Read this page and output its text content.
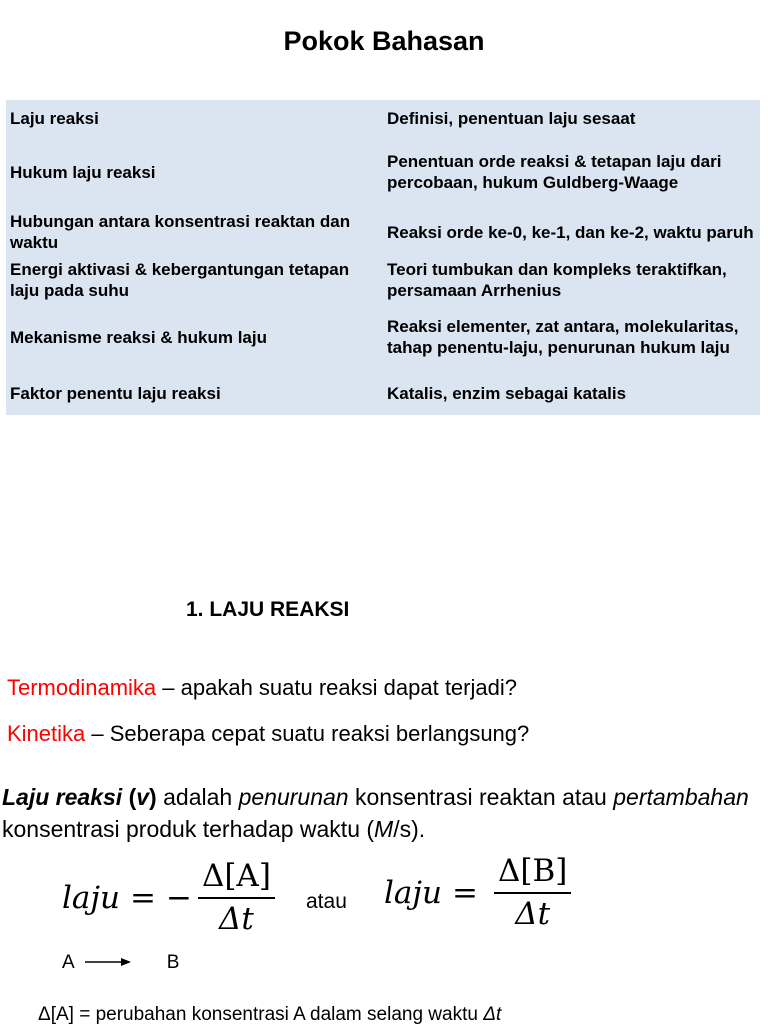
Pokok Bahasan
Laju reaksi	Definisi, penentuan laju sesaat
Hukum laju reaksi
Penentuan orde reaksi & tetapan laju dari percobaan, hukum Guldberg-Waage
Hubungan antara konsentrasi reaktan dan waktu
Reaksi orde ke-0, ke-1, dan ke-2, waktu paruh
Energi aktivasi & kebergantungan tetapan laju pada suhu
Teori tumbukan dan kompleks teraktifkan, persamaan Arrhenius
Mekanisme reaksi & hukum laju
Reaksi elementer, zat antara, molekularitas, tahap penentu-laju, penurunan hukum laju
Faktor penentu laju reaksi	Katalis, enzim sebagai katalis
1. LAJU REAKSI
Termodinamika – apakah suatu reaksi dapat terjadi?
Kinetika – Seberapa cepat suatu reaksi berlangsung?
Laju reaksi (v) adalah penurunan konsentrasi reaktan atau pertambahan konsentrasi produk terhadap waktu (M/s).
laju = − $\frac{\Delta[A]}{\Delta t}$ atau laju = $\frac{\Delta[B]}{\Delta t}$
A → B
Δ[A] = perubahan konsentrasi A dalam selang waktu Δt
